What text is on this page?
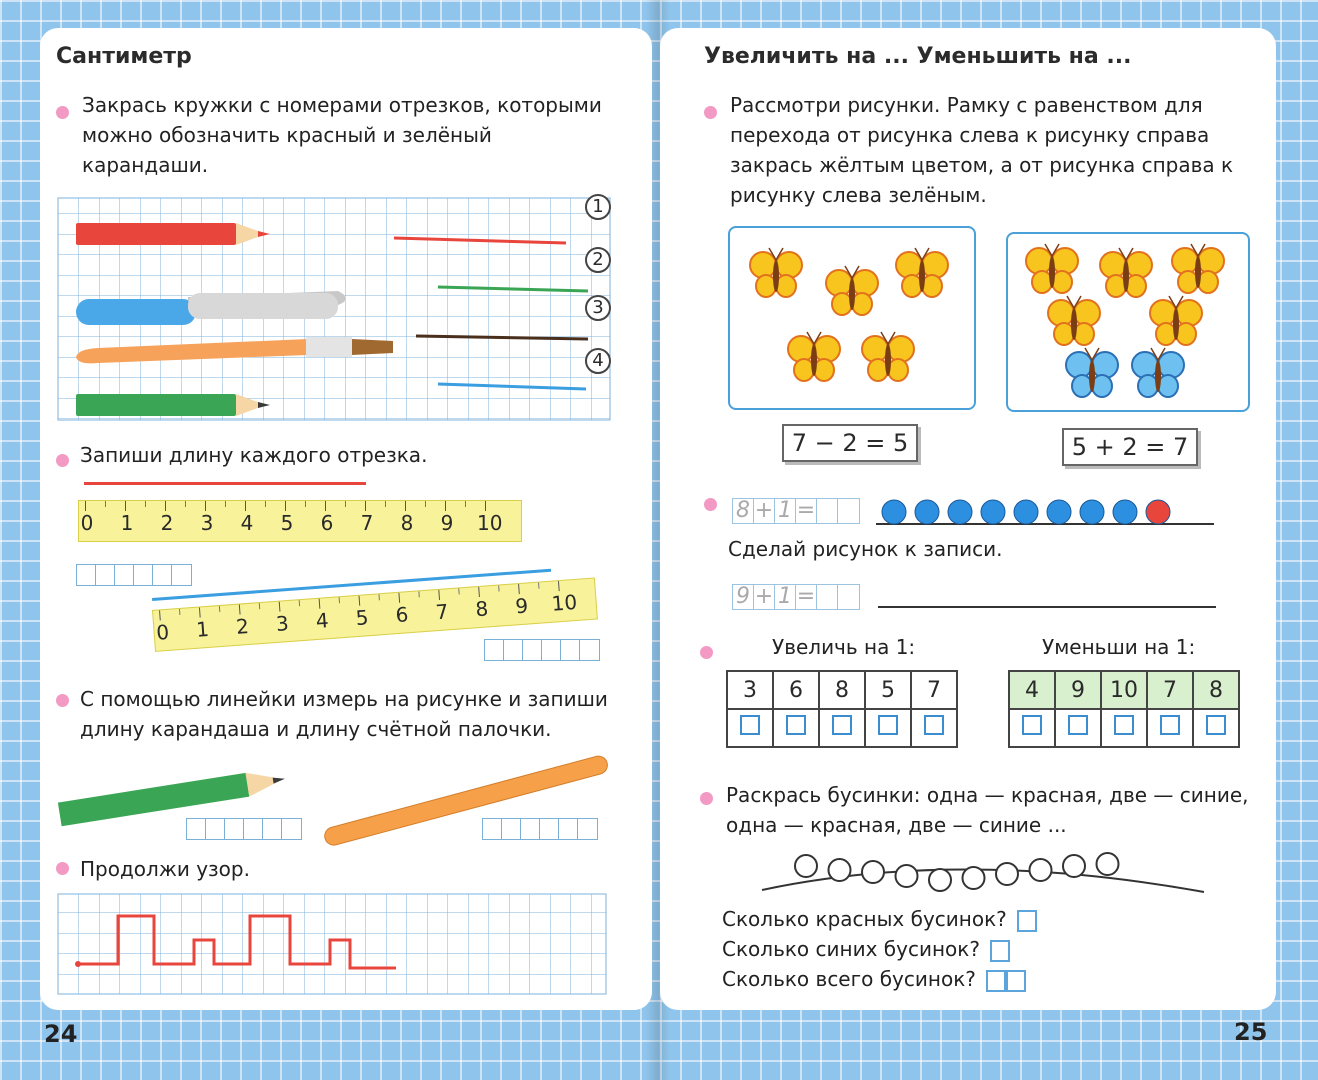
Сантиметр
Закрась кружки с номерами отрезков, которыми можно обозначить красный и зелёный карандаши.
1
2
3
4
Запиши длину каждого отрезка.
0 1 2 3 4 5 6 7 8 9 10
0 1 2 3 4 5 6 7 8 9 10
С помощью линейки измерь на рисунке и запиши длину карандаша и длину счётной палочки.
Продолжи узор.
24
Увеличить на ... Уменьшить на ...
Рассмотри рисунки. Рамку с равенством для перехода от рисунка слева к рисунку справа закрась жёлтым цветом, а от рисунка справа к рисунку слева зелёным.
7 − 2 = 5	5 + 2 = 7
8 + 1 =
Сделай рисунок к записи.
9 + 1 =
Увеличь на 1:	Уменьши на 1:
3	6	8	5	7
					4	9	10	7	8

Раскрась бусинки: одна — красная, две — синие, одна — красная, две — синие ...
Сколько красных бусинок?
Сколько синих бусинок?
Сколько всего бусинок?
25
